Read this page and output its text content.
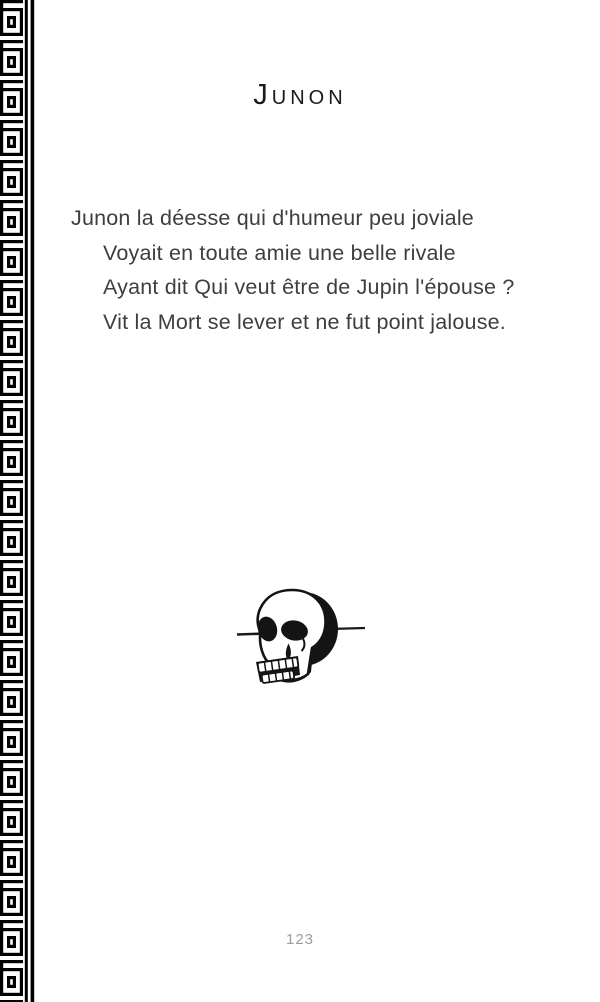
Junon

Junon la déesse qui d'humeur peu joviale

Voyait en toute amie une belle rivale

Ayant dit Qui veut être de Jupin l'épouse ?

Vit la Mort se lever et ne fut point jalouse.

123
